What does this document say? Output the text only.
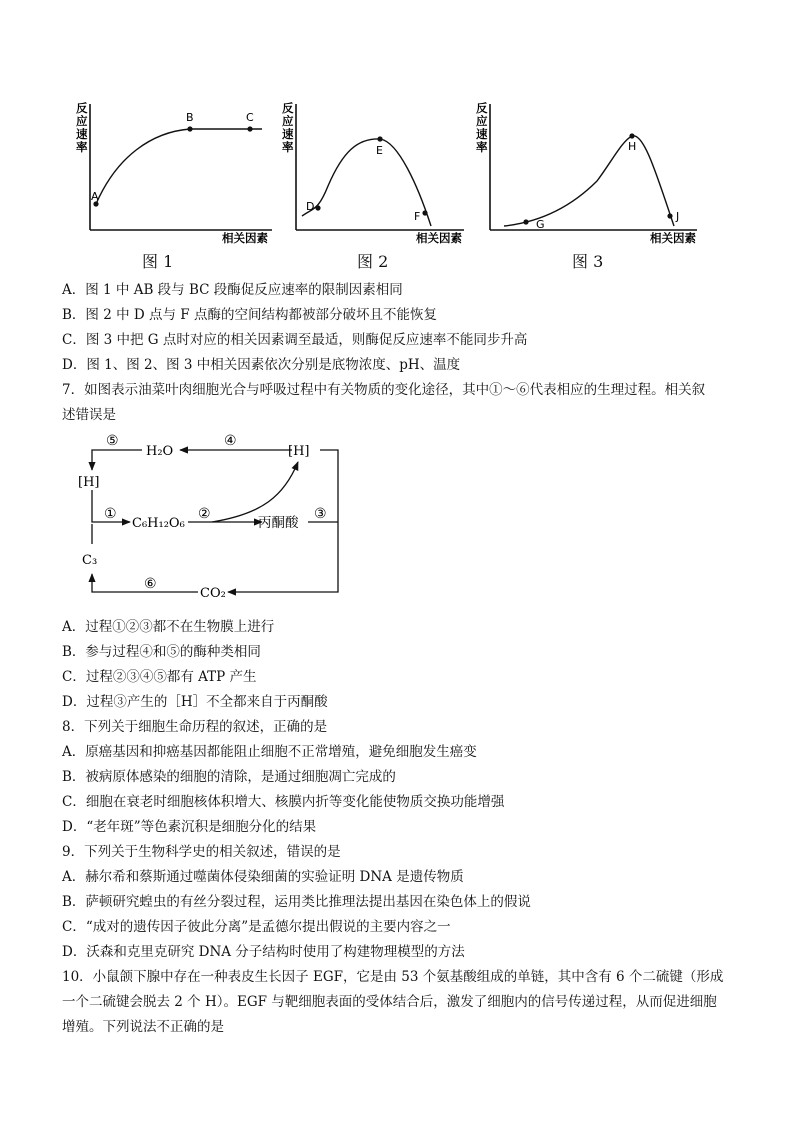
反
应
速
率
相关因素
A
B	C
图 1
反
应
速
率
相关因素
D
E
F
图 2
反
应
速
率
相关因素
G
H
J
图 3
A．图 1 中 AB 段与 BC 段酶促反应速率的限制因素相同
B．图 2 中 D 点与 F 点酶的空间结构都被部分破坏且不能恢复
C．图 3 中把 G 点时对应的相关因素调至最适，则酶促反应速率不能同步升高
D．图 1、图 2、图 3 中相关因素依次分别是底物浓度、pH、温度
7．如图表示油菜叶肉细胞光合与呼吸过程中有关物质的变化途径，其中①～⑥代表相应的生理过程。相关叙
述错误是
⑤
H₂O
④
[H]
[H]
①
C₆H₁₂O₆
②
丙酮酸
③
C₃
⑥
CO₂
A．过程①②③都不在生物膜上进行
B．参与过程④和⑤的酶种类相同
C．过程②③④⑤都有 ATP 产生
D．过程③产生的［H］不全都来自于丙酮酸
8．下列关于细胞生命历程的叙述，正确的是
A．原癌基因和抑癌基因都能阻止细胞不正常增殖，避免细胞发生癌变
B．被病原体感染的细胞的清除，是通过细胞凋亡完成的
C．细胞在衰老时细胞核体积增大、核膜内折等变化能使物质交换功能增强
D．“老年斑”等色素沉积是细胞分化的结果
9．下列关于生物科学史的相关叙述，错误的是
A．赫尔希和蔡斯通过噬菌体侵染细菌的实验证明 DNA 是遗传物质
B．萨顿研究蝗虫的有丝分裂过程，运用类比推理法提出基因在染色体上的假说
C．“成对的遗传因子彼此分离”是孟德尔提出假说的主要内容之一
D．沃森和克里克研究 DNA 分子结构时使用了构建物理模型的方法
10．小鼠颌下腺中存在一种表皮生长因子 EGF，它是由 53 个氨基酸组成的单链，其中含有 6 个二硫键（形成
一个二硫键会脱去 2 个 H）。EGF 与靶细胞表面的受体结合后，激发了细胞内的信号传递过程，从而促进细胞
增殖。下列说法不正确的是
